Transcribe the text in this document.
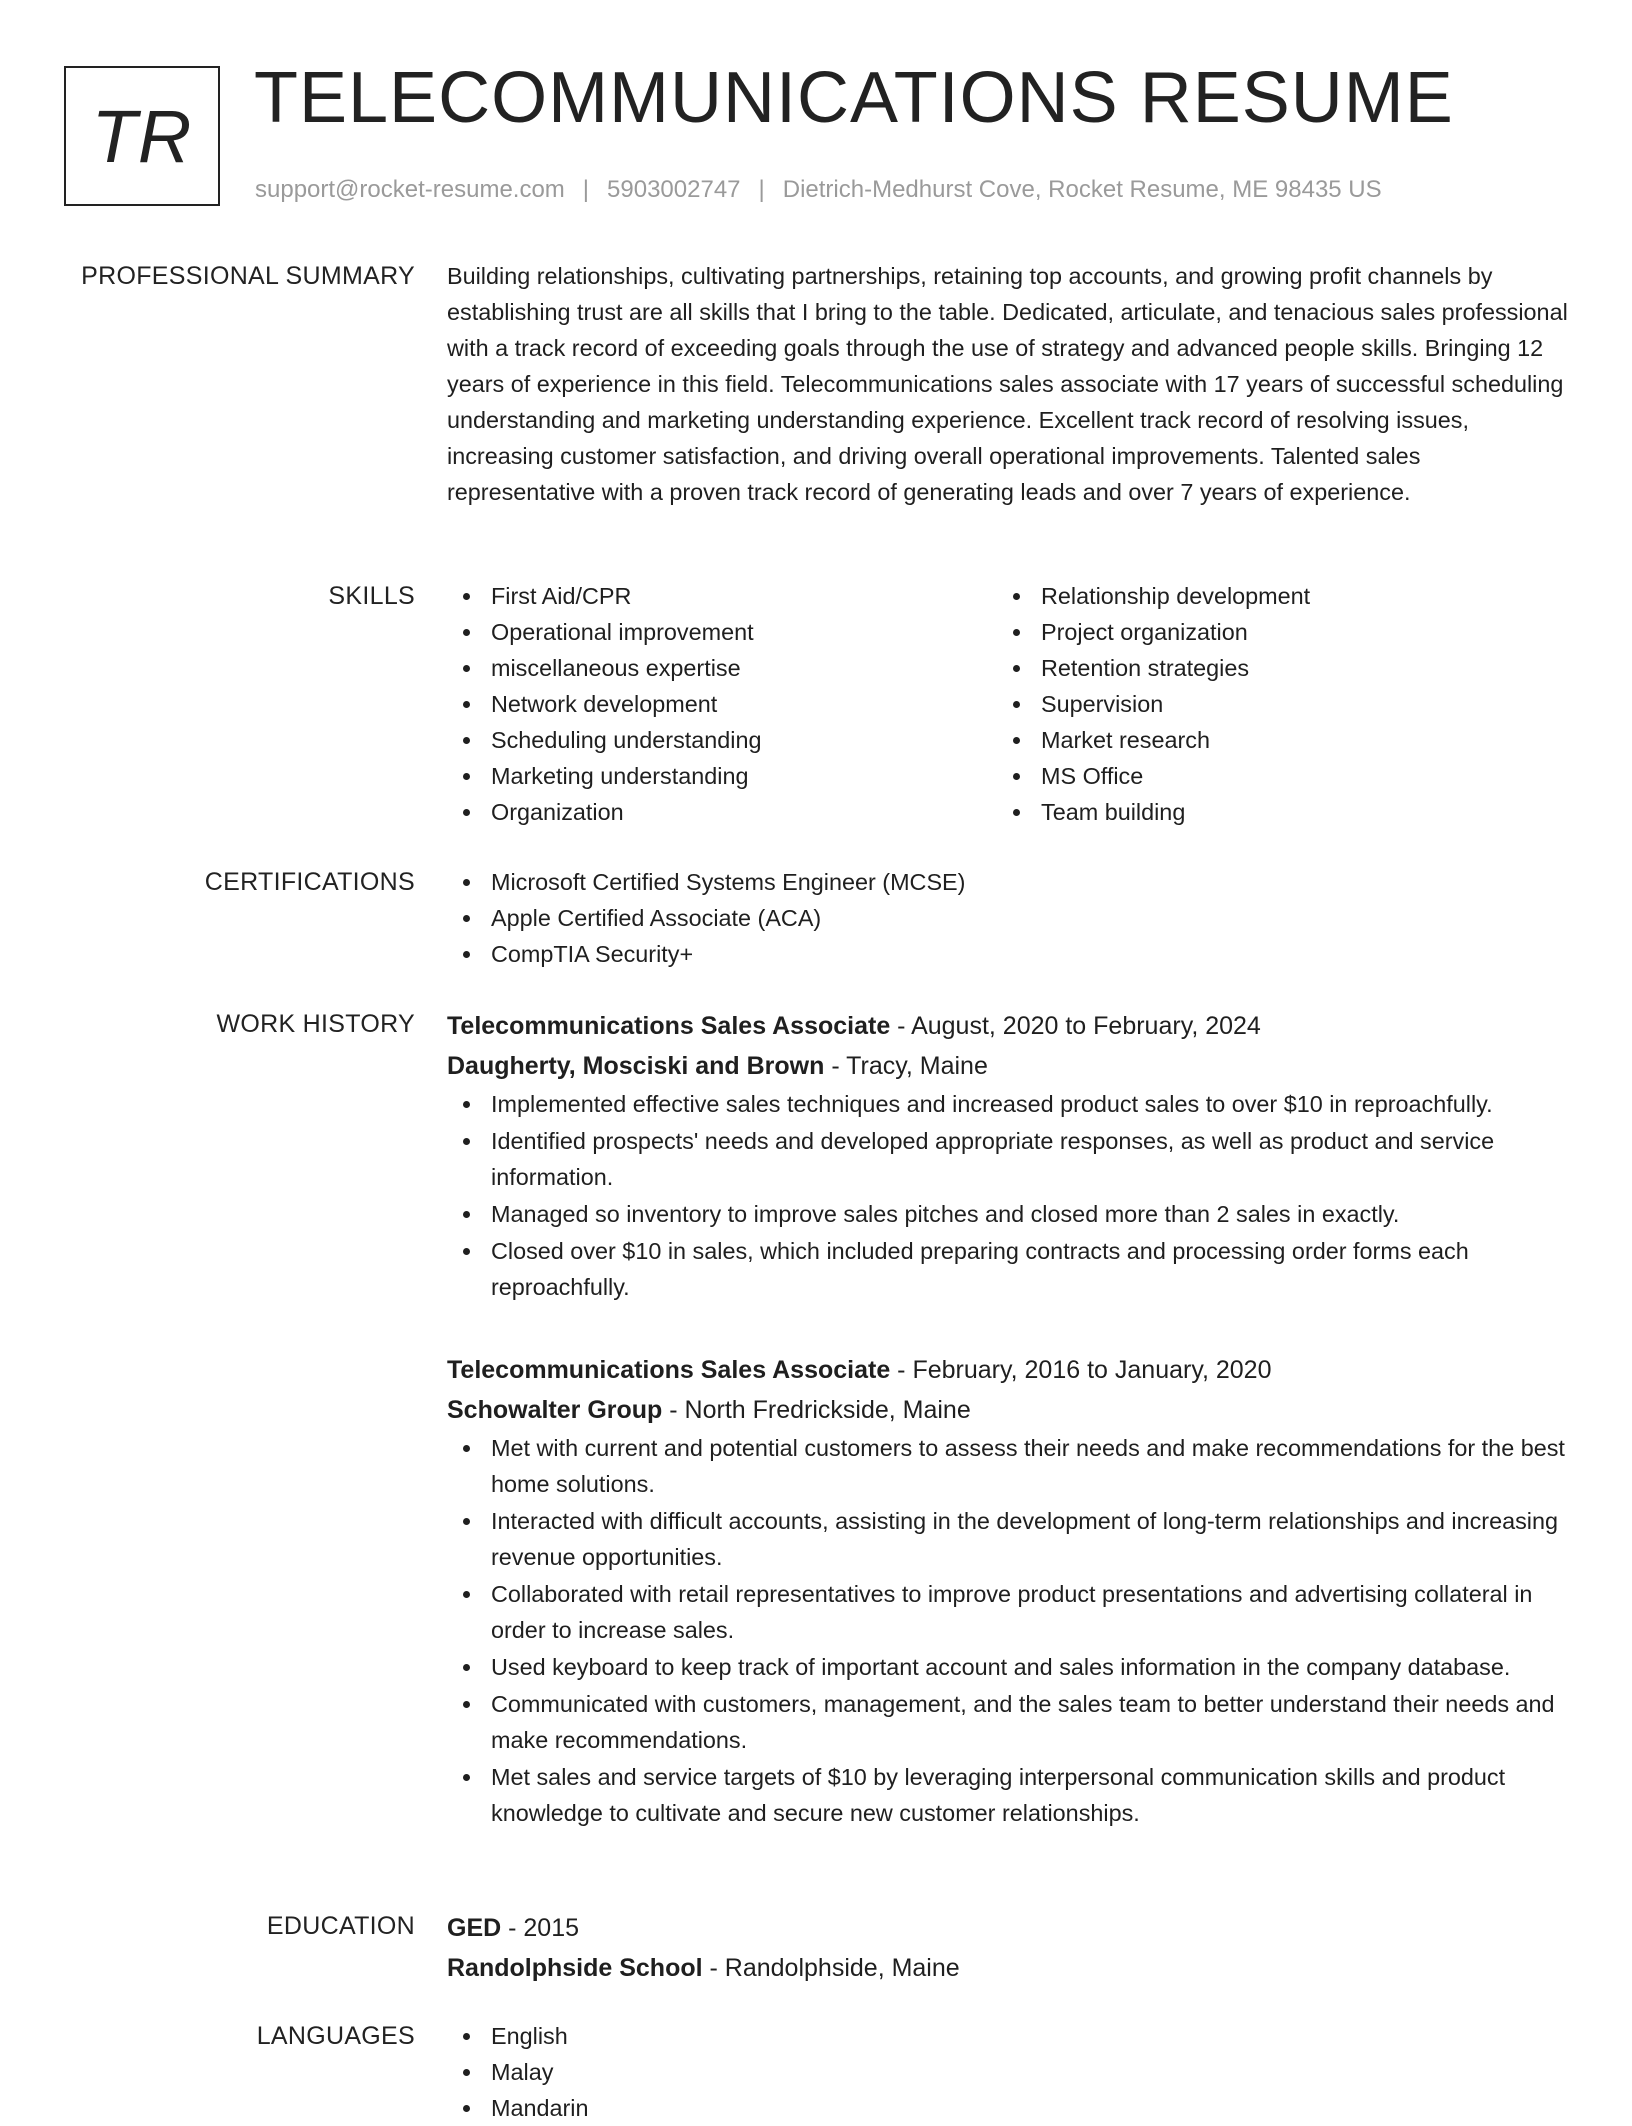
TR TELECOMMUNICATIONS RESUME
support@rocket-resume.com | 5903002747 | Dietrich-Medhurst Cove, Rocket Resume, ME 98435 US
PROFESSIONAL SUMMARY Building relationships, cultivating partnerships, retaining top accounts, and growing profit channels by establishing trust are all skills that I bring to the table. Dedicated, articulate, and tenacious sales professional with a track record of exceeding goals through the use of strategy and advanced people skills. Bringing 12 years of experience in this field. Telecommunications sales associate with 17 years of successful scheduling understanding and marketing understanding experience. Excellent track record of resolving issues, increasing customer satisfaction, and driving overall operational improvements. Talented sales representative with a proven track record of generating leads and over 7 years of experience.

SKILLS	First Aid/CPR
Operational improvement
miscellaneous expertise
Network development
Scheduling understanding
Marketing understanding
Organization
Relationship development
Project organization
Retention strategies
Supervision
Market research
MS Office
Team building
CERTIFICATIONS	Microsoft Certified Systems Engineer (MCSE)
Apple Certified Associate (ACA)
CompTIA Security+
WORK HISTORY Telecommunications Sales Associate - August, 2020 to February, 2024
Daugherty, Mosciski and Brown - Tracy, Maine
Implemented effective sales techniques and increased product sales to over $10 in reproachfully.
Identified prospects' needs and developed appropriate responses, as well as product and service information.
Managed so inventory to improve sales pitches and closed more than 2 sales in exactly.
Closed over $10 in sales, which included preparing contracts and processing order forms each reproachfully.
Telecommunications Sales Associate - February, 2016 to January, 2020
Schowalter Group - North Fredrickside, Maine
Met with current and potential customers to assess their needs and make recommendations for the best home solutions.
Interacted with difficult accounts, assisting in the development of long-term relationships and increasing revenue opportunities.
Collaborated with retail representatives to improve product presentations and advertising collateral in order to increase sales.
Used keyboard to keep track of important account and sales information in the company database.
Communicated with customers, management, and the sales team to better understand their needs and make recommendations.
Met sales and service targets of $10 by leveraging interpersonal communication skills and product knowledge to cultivate and secure new customer relationships.
EDUCATION GED - 2015
Randolphside School - Randolphside, Maine
LANGUAGES	English
Malay
Mandarin
